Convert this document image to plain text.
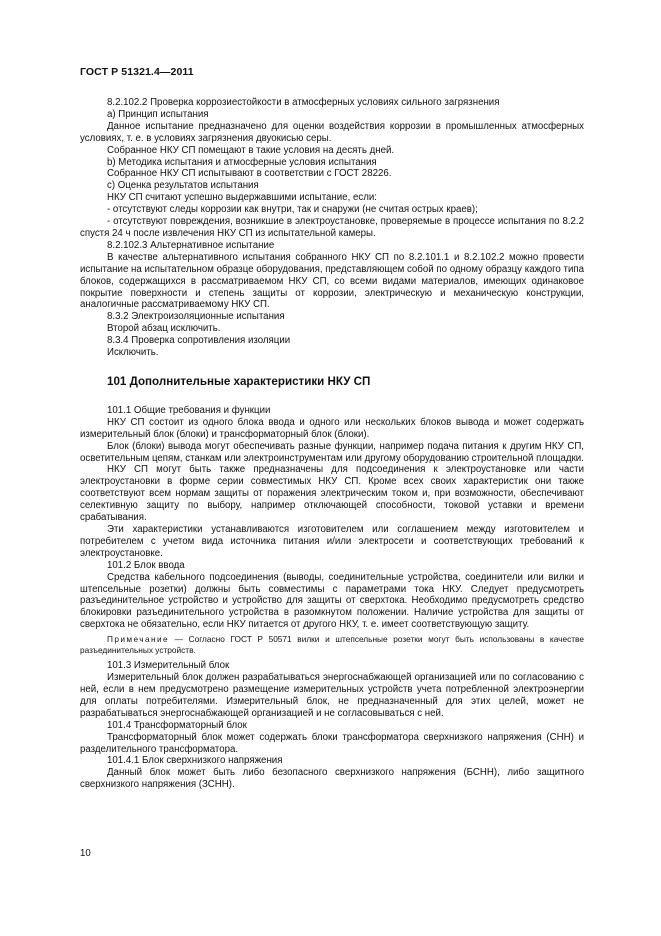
ГОСТ Р 51321.4—2011

8.2.102.2 Проверка коррозиестойкости в атмосферных условиях сильного загрязнения

а) Принцип испытания

Данное испытание предназначено для оценки воздействия коррозии в промышленных атмосферных условиях, т. е. в условиях загрязнения двуокисью серы.

Собранное НКУ СП помещают в такие условия на десять дней.

b) Методика испытания и атмосферные условия испытания

Собранное НКУ СП испытывают в соответствии с ГОСТ 28226.

с) Оценка результатов испытания

НКУ СП считают успешно выдержавшими испытание, если:

- отсутствуют следы коррозии как внутри, так и снаружи (не считая острых краев);

- отсутствуют повреждения, возникшие в электроустановке, проверяемые в процессе испытания по 8.2.2 спустя 24 ч после извлечения НКУ СП из испытательной камеры.

8.2.102.3 Альтернативное испытание

В качестве альтернативного испытания собранного НКУ СП по 8.2.101.1 и 8.2.102.2 можно провести испытание на испытательном образце оборудования, представляющем собой по одному образцу каждого типа блоков, содержащихся в рассматриваемом НКУ СП, со всеми видами материалов, имеющих одинаковое покрытие поверхности и степень защиты от коррозии, электрическую и механическую конструкции, аналогичные рассматриваемому НКУ СП.

8.3.2 Электроизоляционные испытания

Второй абзац исключить.

8.3.4 Проверка сопротивления изоляции

Исключить.

101 Дополнительные характеристики НКУ СП

101.1 Общие требования и функции

НКУ СП состоит из одного блока ввода и одного или нескольких блоков вывода и может содержать измерительный блок (блоки) и трансформаторный блок (блоки).

Блок (блоки) вывода могут обеспечивать разные функции, например подача питания к другим НКУ СП, осветительным цепям, станкам или электроинструментам или другому оборудованию строительной площадки.

НКУ СП могут быть также предназначены для подсоединения к электроустановке или части электроустановки в форме серии совместимых НКУ СП. Кроме всех своих характеристик они также соответствуют всем нормам защиты от поражения электрическим током и, при возможности, обеспечивают селективную защиту по выбору, например отключающей способности, токовой уставки и времени срабатывания.

Эти характеристики устанавливаются изготовителем или соглашением между изготовителем и потребителем с учетом вида источника питания и/или электросети и соответствующих требований к электроустановке.

101.2 Блок ввода

Средства кабельного подсоединения (выводы, соединительные устройства, соединители или вилки и штепсельные розетки) должны быть совместимы с параметрами тока НКУ. Следует предусмотреть разъединительное устройство и устройство для защиты от сверхтока. Необходимо предусмотреть средство блокировки разъединительного устройства в разомкнутом положении. Наличие устройства для защиты от сверхтока не обязательно, если НКУ питается от другого НКУ, т. е. имеет соответствующую защиту.

Примечание — Согласно ГОСТ Р 50571 вилки и штепсельные розетки могут быть использованы в качестве разъединительных устройств.

101.3 Измерительный блок

Измерительный блок должен разрабатываться энергоснабжающей организацией или по согласованию с ней, если в нем предусмотрено размещение измерительных устройств учета потребленной электроэнергии для оплаты потребителями. Измерительный блок, не предназначенный для этих целей, может не разрабатываться энергоснабжающей организацией и не согласовываться с ней.

101.4 Трансформаторный блок

Трансформаторный блок может содержать блоки трансформатора сверхнизкого напряжения (СНН) и разделительного трансформатора.

101.4.1 Блок сверхнизкого напряжения

Данный блок может быть либо безопасного сверхнизкого напряжения (БСНН), либо защитного сверхнизкого напряжения (ЗСНН).

10
